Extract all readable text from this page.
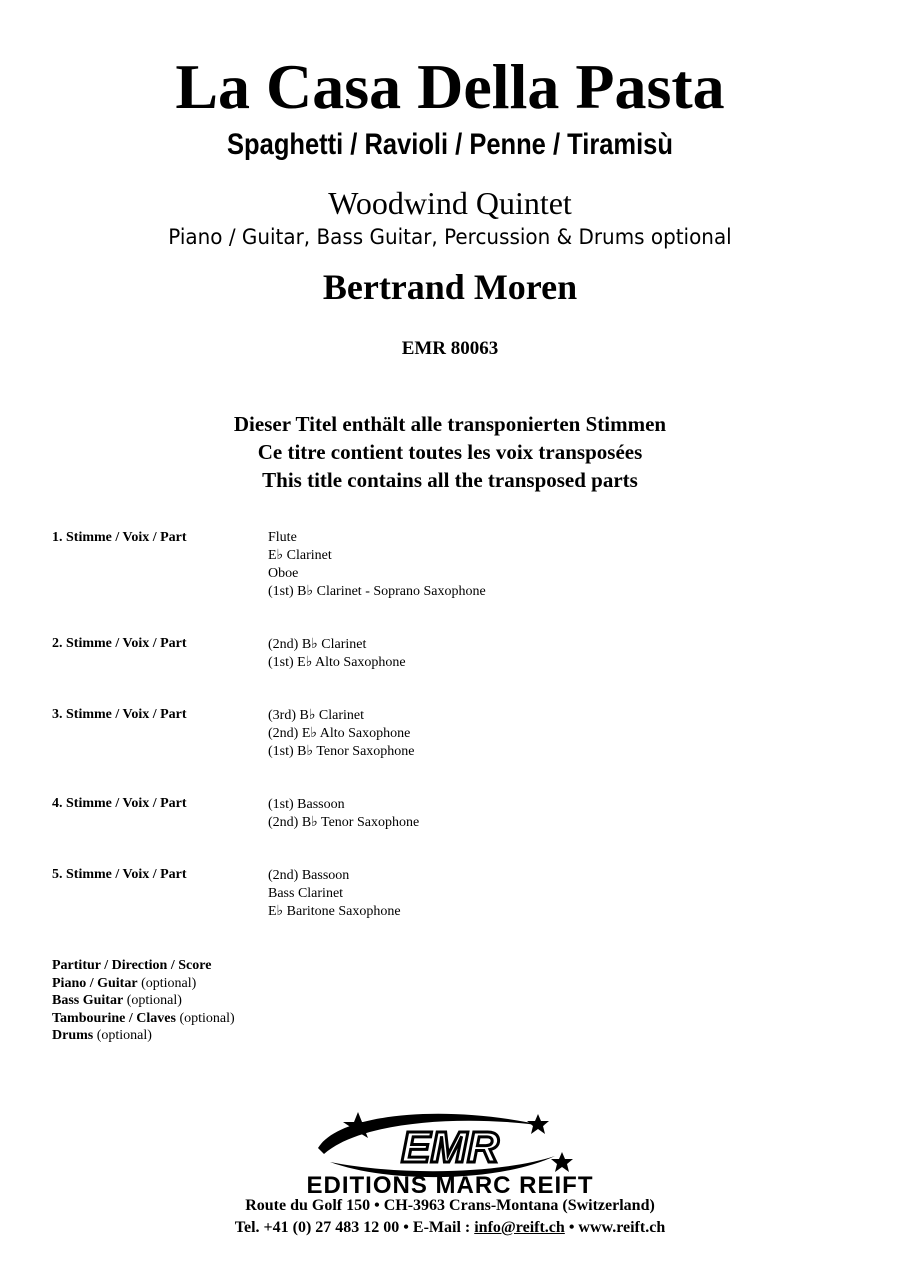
La Casa Della Pasta
Spaghetti / Ravioli / Penne / Tiramisù
Woodwind Quintet
Piano / Guitar, Bass Guitar, Percussion & Drums optional
Bertrand Moren
EMR 80063
Dieser Titel enthält alle transponierten Stimmen
Ce titre contient toutes les voix transposées
This title contains all the transposed parts
1. Stimme / Voix / Part	Flute
E♭ Clarinet
Oboe
(1st) B♭ Clarinet - Soprano Saxophone
2. Stimme / Voix / Part	(2nd) B♭ Clarinet
(1st) E♭ Alto Saxophone
3. Stimme / Voix / Part	(3rd) B♭ Clarinet
(2nd) E♭ Alto Saxophone
(1st) B♭ Tenor Saxophone
4. Stimme / Voix / Part	(1st) Bassoon
(2nd) B♭ Tenor Saxophone
5. Stimme / Voix / Part	(2nd) Bassoon
Bass Clarinet
E♭ Baritone Saxophone
Partitur / Direction / Score
Piano / Guitar (optional)
Bass Guitar (optional)
Tambourine / Claves (optional)
Drums (optional)
EMR
EDITIONS MARC REIFT
Route du Golf 150 • CH-3963 Crans-Montana (Switzerland)
Tel. +41 (0) 27 483 12 00 • E-Mail : info@reift.ch • www.reift.ch
